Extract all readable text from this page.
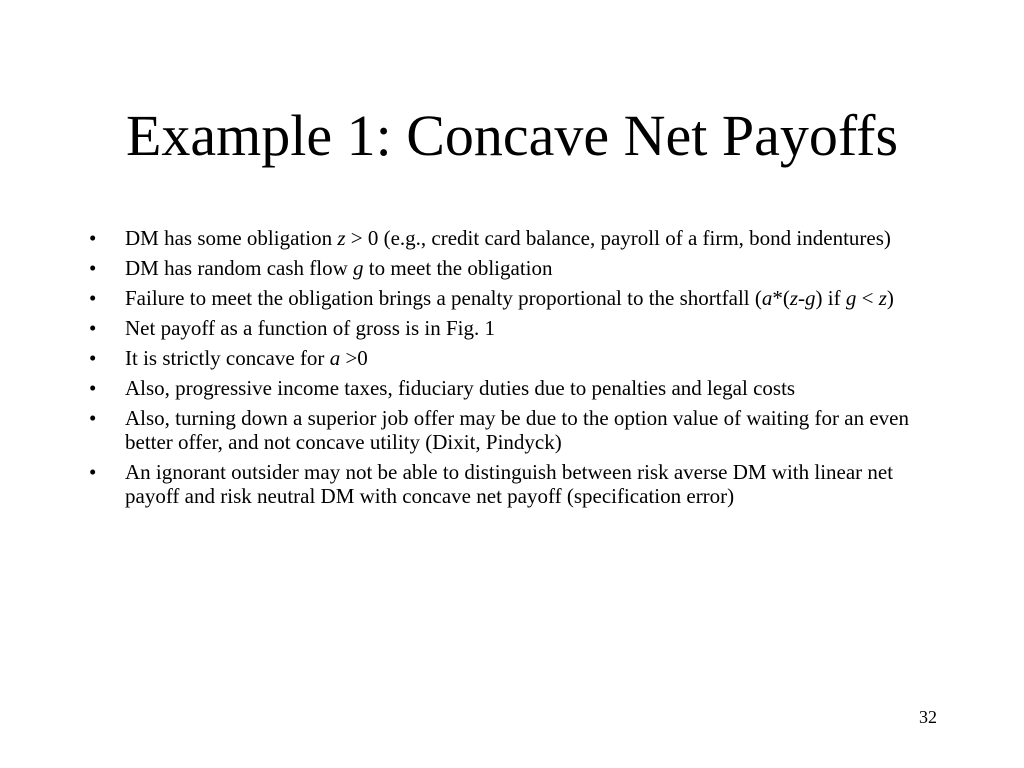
Example 1: Concave Net Payoffs
• DM has some obligation z > 0 (e.g., credit card balance, payroll of a firm, bond indentures)
• DM has random cash flow g to meet the obligation
• Failure to meet the obligation brings a penalty proportional to the shortfall (a*(z-g) if g < z)
• Net payoff as a function of gross is in Fig. 1
• It is strictly concave for a >0
• Also, progressive income taxes, fiduciary duties due to penalties and legal costs
• Also, turning down a superior job offer may be due to the option value of waiting for an even better offer, and not concave utility (Dixit, Pindyck)
• An ignorant outsider may not be able to distinguish between risk averse DM with linear net payoff and risk neutral DM with concave net payoff (specification error)
32
